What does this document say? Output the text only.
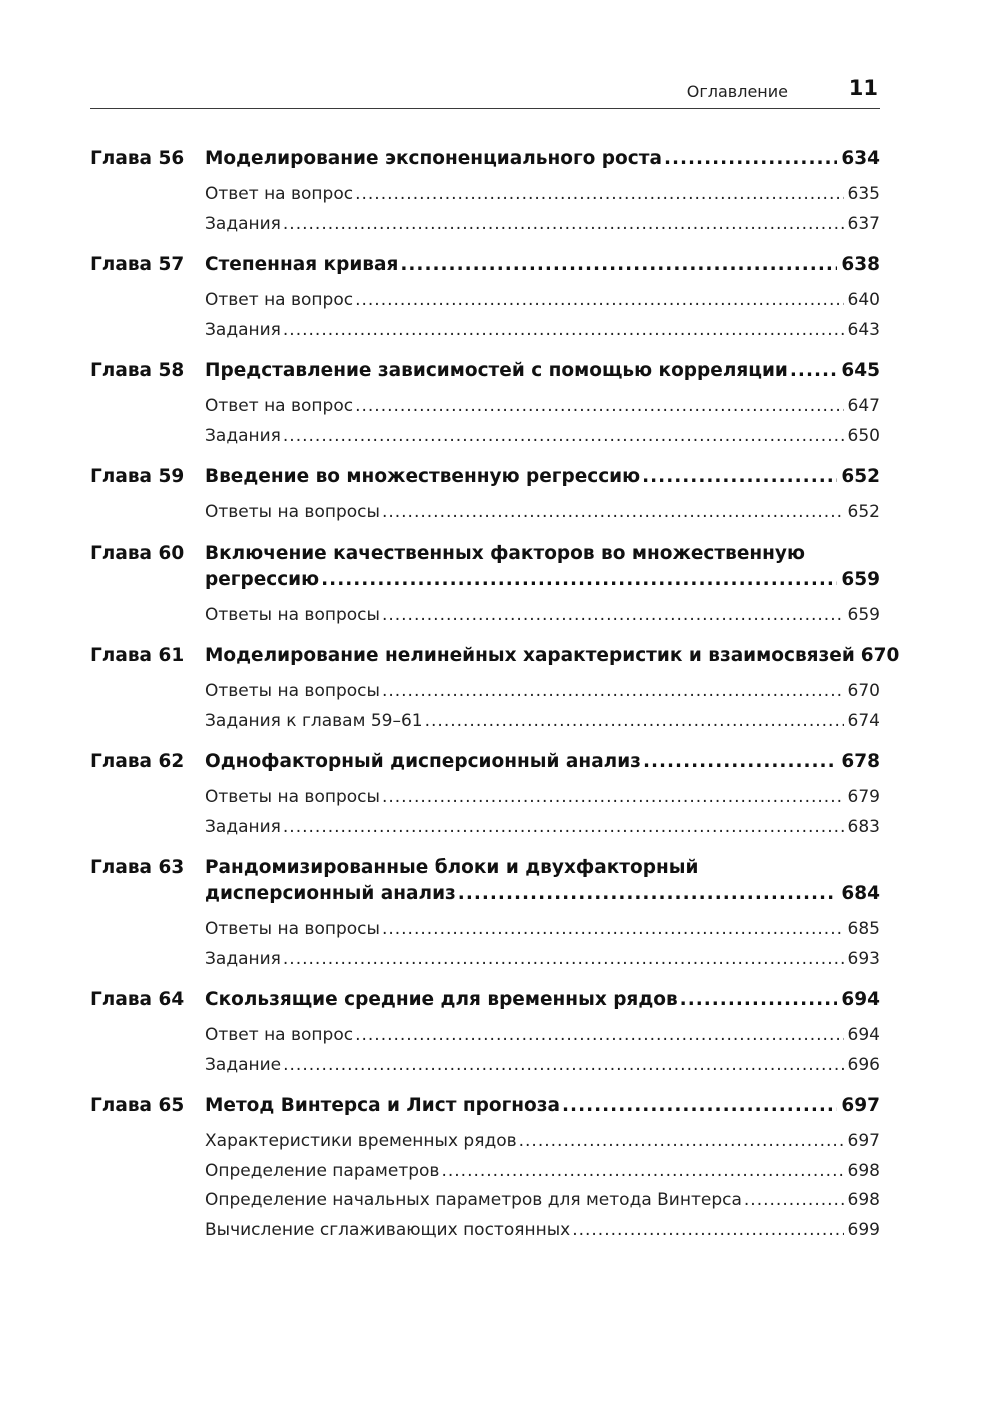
Оглавление	11
Глава 56	Моделирование экспоненциального роста .....	634
Ответ на вопрос .....	635
Задания .....	637
Глава 57	Степенная кривая .....	638
Ответ на вопрос .....	640
Задания .....	643
Глава 58	Представление зависимостей с помощью корреляции .....	645
Ответ на вопрос .....	647
Задания .....	650
Глава 59	Введение во множественную регрессию .....	652
Ответы на вопросы .....	652
Глава 60	Включение качественных факторов во множественную
регрессию .....	659
Ответы на вопросы .....	659
Глава 61	Моделирование нелинейных характеристик и взаимосвязей 670
Ответы на вопросы .....	670
Задания к главам 59–61 .....	674
Глава 62	Однофакторный дисперсионный анализ .....	678
Ответы на вопросы .....	679
Задания .....	683
Глава 63	Рандомизированные блоки и двухфакторный
дисперсионный анализ .....	684
Ответы на вопросы .....	685
Задания .....	693
Глава 64	Скользящие средние для временных рядов .....	694
Ответ на вопрос .....	694
Задание .....	696
Глава 65	Метод Винтерса и Лист прогноза .....	697
Характеристики временных рядов .....	697
Определение параметров .....	698
Определение начальных параметров для метода Винтерса .....	698
Вычисление сглаживающих постоянных .....	699
